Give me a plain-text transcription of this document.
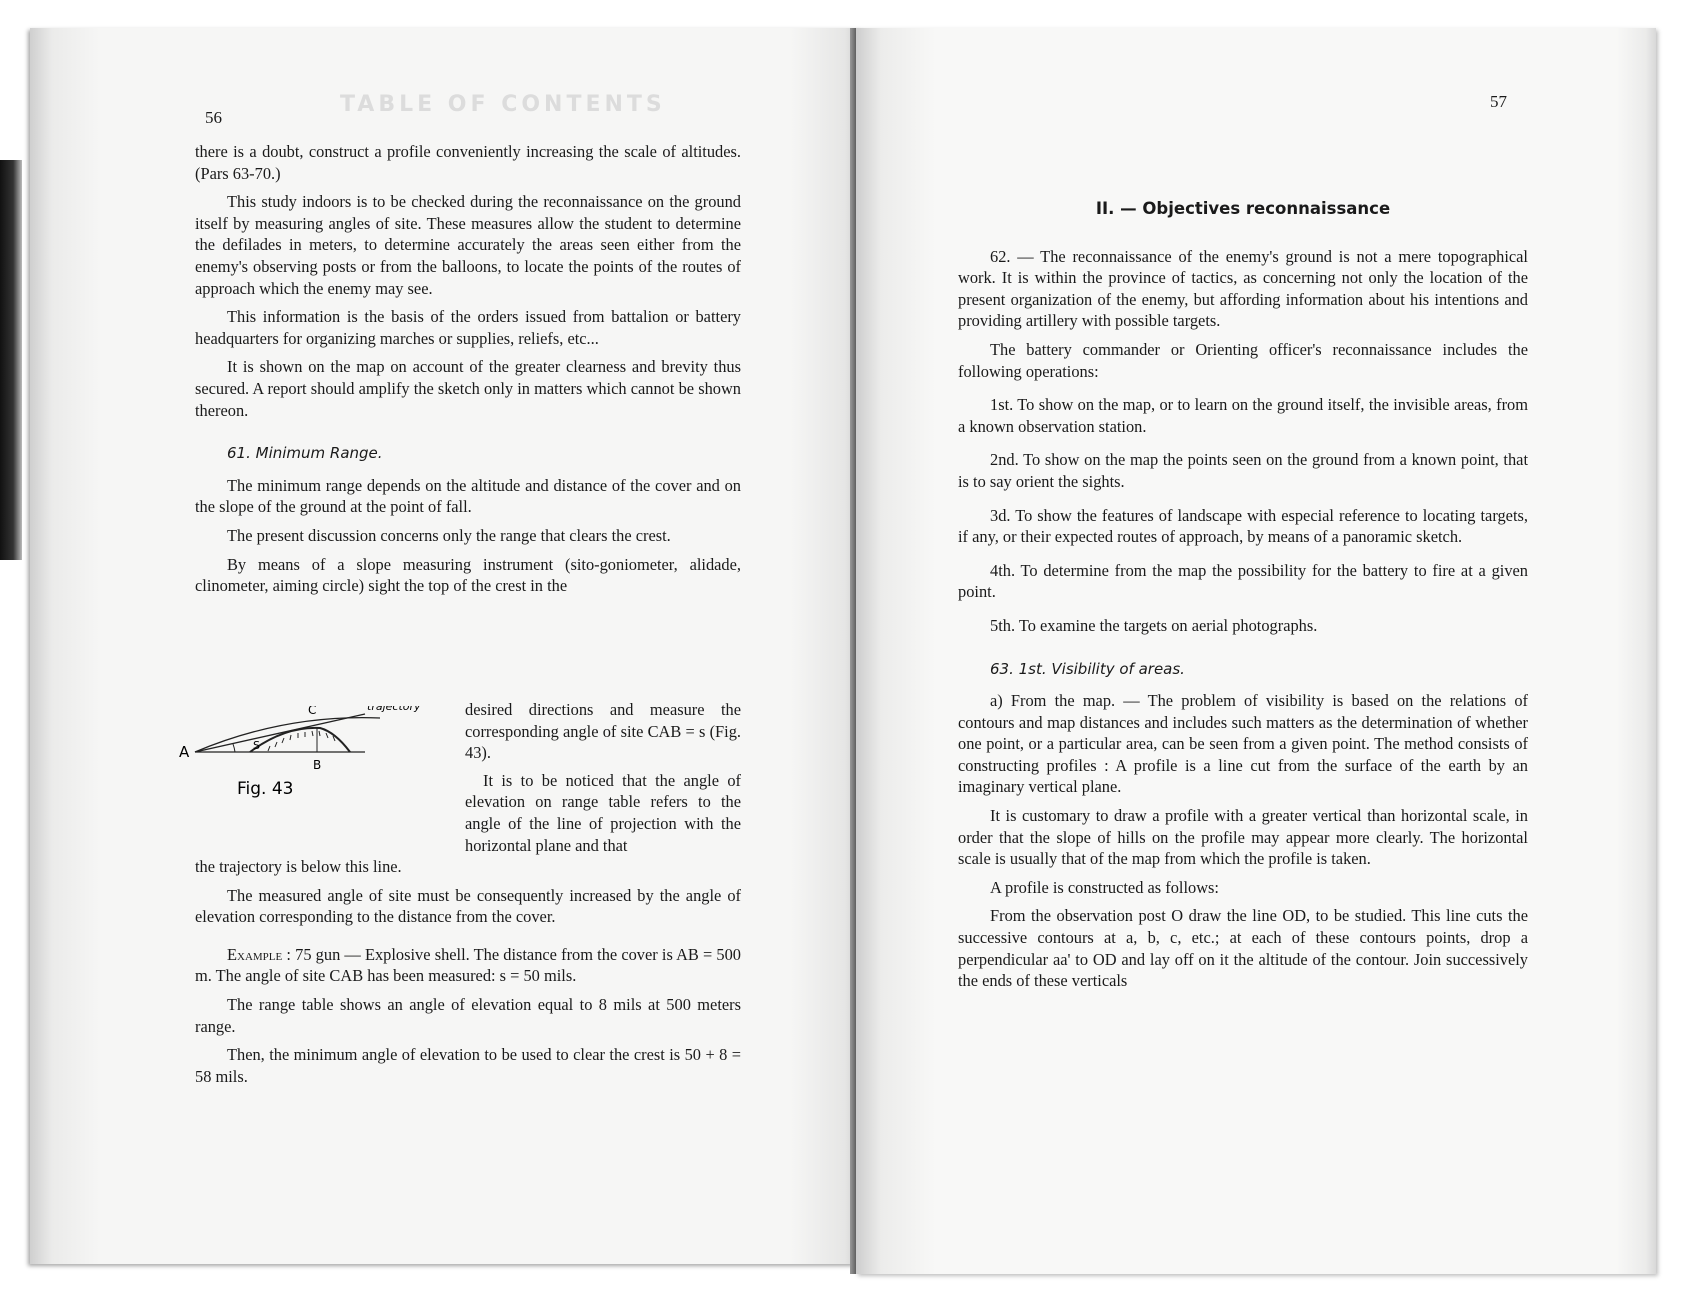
TABLE OF CONTENTS
56

there is a doubt, construct a profile conveniently increasing the scale of altitudes. (Pars 63-70.)

This study indoors is to be checked during the reconnaissance on the ground itself by measuring angles of site. These measures allow the student to determine the defilades in meters, to determine accurately the areas seen either from the enemy's observing posts or from the balloons, to locate the points of the routes of approach which the enemy may see.

This information is the basis of the orders issued from battalion or battery headquarters for organizing marches or supplies, reliefs, etc...

It is shown on the map on account of the greater clearness and brevity thus secured. A report should amplify the sketch only in matters which cannot be shown thereon.

61. Minimum Range.

The minimum range depends on the altitude and distance of the cover and on the slope of the ground at the point of fall.

The present discussion concerns only the range that clears the crest.

By means of a slope measuring instrument (sito-goniometer, alidade, clinometer, aiming circle) sight the top of the crest in the

A
B
C
S
trajectory
Fig. 43

desired directions and measure the corresponding angle of site CAB = s (Fig. 43).

It is to be noticed that the angle of elevation on range table refers to the angle of the line of projection with the horizontal plane and that

the trajectory is below this line.

The measured angle of site must be consequently increased by the angle of elevation corresponding to the distance from the cover.

Example : 75 gun — Explosive shell. The distance from the cover is AB = 500 m. The angle of site CAB has been measured: s = 50 mils.

The range table shows an angle of elevation equal to 8 mils at 500 meters range.

Then, the minimum angle of elevation to be used to clear the crest is 50 + 8 = 58 mils.

57
II. — Objectives reconnaissance

62. — The reconnaissance of the enemy's ground is not a mere topographical work. It is within the province of tactics, as concerning not only the location of the present organization of the enemy, but affording information about his intentions and providing artillery with possible targets.

The battery commander or Orienting officer's reconnaissance includes the following operations:

1st. To show on the map, or to learn on the ground itself, the invisible areas, from a known observation station.

2nd. To show on the map the points seen on the ground from a known point, that is to say orient the sights.

3d. To show the features of landscape with especial reference to locating targets, if any, or their expected routes of approach, by means of a panoramic sketch.

4th. To determine from the map the possibility for the battery to fire at a given point.

5th. To examine the targets on aerial photographs.

63. 1st. Visibility of areas.

a) From the map. — The problem of visibility is based on the relations of contours and map distances and includes such matters as the determination of whether one point, or a particular area, can be seen from a given point. The method consists of constructing profiles : A profile is a line cut from the surface of the earth by an imaginary vertical plane.

It is customary to draw a profile with a greater vertical than horizontal scale, in order that the slope of hills on the profile may appear more clearly. The horizontal scale is usually that of the map from which the profile is taken.

A profile is constructed as follows:

From the observation post O draw the line OD, to be studied. This line cuts the successive contours at a, b, c, etc.; at each of these contours points, drop a perpendicular aa' to OD and lay off on it the altitude of the contour. Join successively the ends of these verticals
